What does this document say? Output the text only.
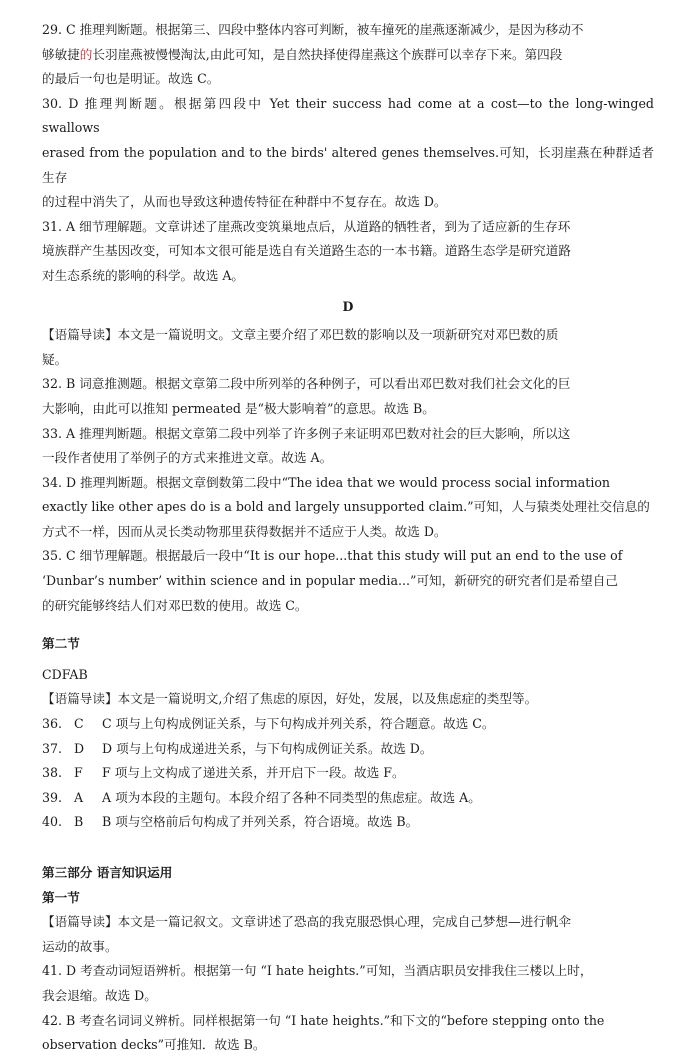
29. C 推理判断题。根据第三、四段中整体内容可判断，被车撞死的崖燕逐渐减少，是因为移动不

够敏捷的长羽崖燕被慢慢淘汰,由此可知，是自然抉择使得崖燕这个族群可以幸存下来。第四段

的最后一句也是明证。故选 C。

30. D 推理判断题。根据第四段中 Yet their success had come at a cost—to the long-winged swallows

erased from the population and to the birds' altered genes themselves.可知，长羽崖燕在种群适者生存

的过程中消失了，从而也导致这种遗传特征在种群中不复存在。故选 D。

31. A 细节理解题。文章讲述了崖燕改变筑巢地点后，从道路的牺牲者，到为了适应新的生存环

境族群产生基因改变，可知本文很可能是选自有关道路生态的一本书籍。道路生态学是研究道路

对生态系统的影响的科学。故选 A。

D

【语篇导读】本文是一篇说明文。文章主要介绍了邓巴数的影响以及一项新研究对邓巴数的质

疑。

32. B 词意推测题。根据文章第二段中所列举的各种例子，可以看出邓巴数对我们社会文化的巨

大影响，由此可以推知 permeated 是“极大影响着”的意思。故选 B。

33. A 推理判断题。根据文章第二段中列举了许多例子来证明邓巴数对社会的巨大影响，所以这

一段作者使用了举例子的方式来推进文章。故选 A。

34. D 推理判断题。根据文章倒数第二段中“The idea that we would process social information

exactly like other apes do is a bold and largely unsupported claim.”可知，人与猿类处理社交信息的

方式不一样，因而从灵长类动物那里获得数据并不适应于人类。故选 D。

35. C 细节理解题。根据最后一段中“It is our hope...that this study will put an end to the use of

‘Dunbar’s number’ within science and in popular media...”可知，新研究的研究者们是希望自己

的研究能够终结人们对邓巴数的使用。故选 C。

第二节

CDFAB

【语篇导读】本文是一篇说明文,介绍了焦虑的原因，好处，发展，以及焦虑症的类型等。

36. C	C 项与上句构成例证关系，与下句构成并列关系，符合题意。故选 C。
37. D	D 项与上句构成递进关系，与下句构成例证关系。故选 D。
38. F	F 项与上文构成了递进关系，并开启下一段。故选 F。
39. A	A 项为本段的主题句。本段介绍了各种不同类型的焦虑症。故选 A。
40. B	B 项与空格前后句构成了并列关系，符合语境。故选 B。

第三部分 语言知识运用

第一节

【语篇导读】本文是一篇记叙文。文章讲述了恐高的我克服恐惧心理，完成自己梦想—进行帆伞

运动的故事。

41. D 考查动词短语辨析。根据第一句 “I hate heights.”可知，当酒店职员安排我住三楼以上时，

我会退缩。故选 D。

42. B 考查名词词义辨析。同样根据第一句 “I hate heights.”和下文的“before stepping onto the

observation decks”可推知．故选 B。
